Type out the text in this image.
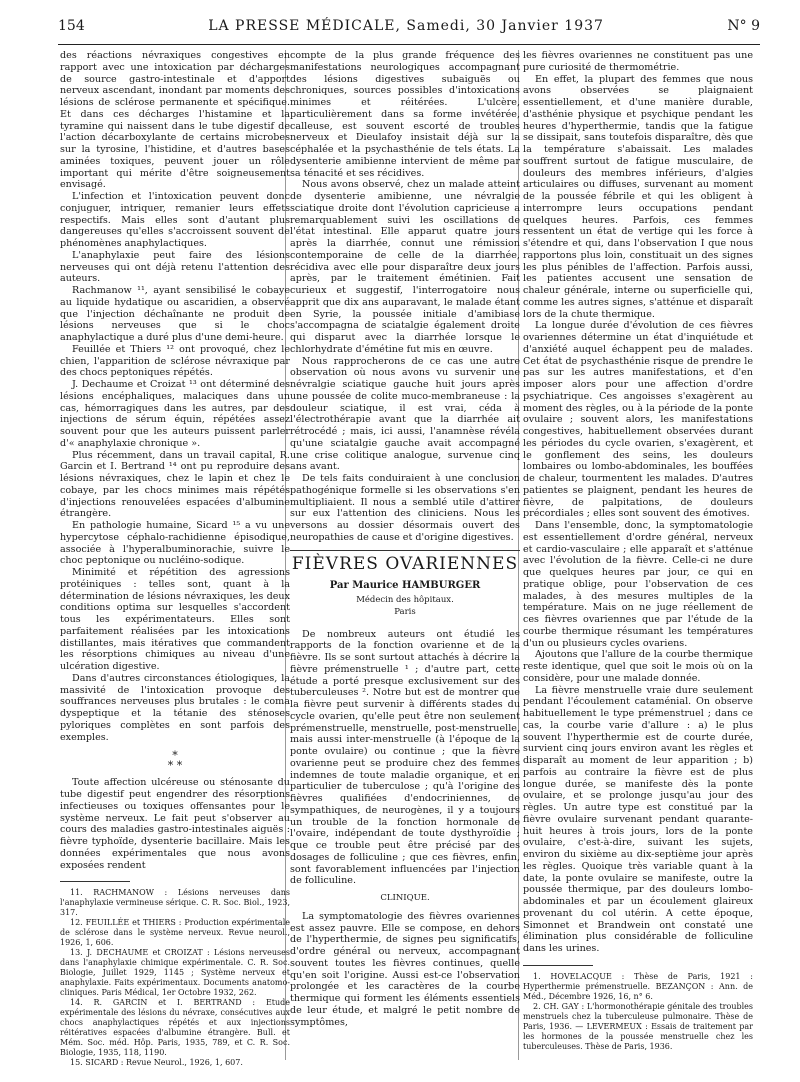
154	LA PRESSE MÉDICALE, Samedi, 30 Janvier 1937	N° 9

des réactions névraxiques congestives en rapport avec une intoxication par décharges de source gastro-intestinale et d'apport nerveux ascendant, inondant par moments des lésions de sclérose permanente et spécifique. Et dans ces décharges l'histamine et la tyramine qui naissent dans le tube digestif de l'action décarboxylante de certains microbes sur la tyrosine, l'histidine, et d'autres bases aminées toxiques, peuvent jouer un rôle important qui mérite d'être soigneusement envisagé.

L'infection et l'intoxication peuvent donc conjuguer, intriquer, remanier leurs effets respectifs. Mais elles sont d'autant plus dangereuses qu'elles s'accroissent souvent de phénomènes anaphylactiques.

L'anaphylaxie peut faire des lésions nerveuses qui ont déjà retenu l'attention des auteurs.

Rachmanow ¹¹, ayant sensibilisé le cobaye au liquide hydatique ou ascaridien, a observé que l'injection déchaînante ne produit de lésions nerveuses que si le choc anaphylactique a duré plus d'une demi-heure.

Feuillée et Thiers ¹² ont provoqué, chez le chien, l'apparition de sclérose névraxique par des chocs peptoniques répétés.

J. Dechaume et Croizat ¹³ ont déterminé des lésions encéphaliques, malaciques dans un cas, hémorragiques dans les autres, par des injections de sérum équin, répétées assez souvent pour que les auteurs puissent parler d'« anaphylaxie chronique ».

Plus récemment, dans un travail capital, R. Garcin et I. Bertrand ¹⁴ ont pu reproduire des lésions névraxiques, chez le lapin et chez le cobaye, par les chocs minimes mais répétés d'injections renouvelées espacées d'albumine étrangère.

En pathologie humaine, Sicard ¹⁵ a vu une hypercytose céphalo-rachidienne épisodique, associée à l'hyperalbuminorachie, suivre le choc peptonique ou nucléino-sodique.

Minimité et répétition des agressions protéiniques : telles sont, quant à la détermination de lésions névraxiques, les deux conditions optima sur lesquelles s'accordent tous les expérimentateurs. Elles sont parfaitement réalisées par les intoxications distillantes, mais itératives que commandent les résorptions chimiques au niveau d'une ulcération digestive.

Dans d'autres circonstances étiologiques, la massivité de l'intoxication provoque des souffrances nerveuses plus brutales : le coma dyspeptique et la tétanie des sténoses pyloriques complètes en sont parfois des exemples.

*
* *

Toute affection ulcéreuse ou sténosante du tube digestif peut engendrer des résorptions infectieuses ou toxiques offensantes pour le système nerveux. Le fait peut s'observer au cours des maladies gastro-intestinales aiguës : fièvre typhoïde, dysenterie bacillaire. Mais les données expérimentales que nous avons exposées rendent

11. RACHMANOW : Lésions nerveuses dans l'anaphylaxie vermineuse sérique. C. R. Soc. Biol., 1923, 317.

12. FEUILLÉE et THIERS : Production expérimentale de sclérose dans le système nerveux. Revue neurol., 1926, 1, 606.

13. J. DECHAUME et CROIZAT : Lésions nerveuses dans l'anaphylaxie chimique expérimentale. C. R. Soc. Biologie, Juillet 1929, 1145 ; Système nerveux et anaphylaxie. Faits expérimentaux. Documents anatomo-cliniques. Paris Médical, 1er Octobre 1932, 262.

14. R. GARCIN et I. BERTRAND : Etude expérimentale des lésions du névraxe, consécutives aux chocs anaphylactiques répétés et aux injections réitératives espacées d'albumine étrangère. Bull. et Mém. Soc. méd. Hôp. Paris, 1935, 789, et C. R. Soc. Biologie, 1935, 118, 1190.

15. SICARD : Revue Neurol., 1926, 1, 607.

compte de la plus grande fréquence des manifestations neurologiques accompagnant des lésions digestives subaiguës ou chroniques, sources possibles d'intoxications minimes et réitérées. L'ulcère, particulièrement dans sa forme invétérée, calleuse, est souvent escorté de troubles nerveux et Dieulafoy insistait déjà sur la céphalée et la psychasthénie de tels états. La dysenterie amibienne intervient de même par sa ténacité et ses récidives.

Nous avons observé, chez un malade atteint de dysenterie amibienne, une névralgie sciatique droite dont l'évolution capricieuse a remarquablement suivi les oscillations de l'état intestinal. Elle apparut quatre jours après la diarrhée, connut une rémission contemporaine de celle de la diarrhée, récidiva avec elle pour disparaître deux jours après, par le traitement émétinien. Fait curieux et suggestif, l'interrogatoire nous apprit que dix ans auparavant, le malade étant en Syrie, la poussée initiale d'amibiase s'accompagna de sciatalgie également droite qui disparut avec la diarrhée lorsque le chlorhydrate d'émétine fut mis en œuvre.

Nous rapprocherons de ce cas une autre observation où nous avons vu survenir une névralgie sciatique gauche huit jours après une poussée de colite muco-membraneuse : la douleur sciatique, il est vrai, céda à l'électrothérapie avant que la diarrhée ait rétrocédé ; mais, ici aussi, l'anamnèse révéla qu'une sciatalgie gauche avait accompagné une crise colitique analogue, survenue cinq ans avant.

De tels faits conduiraient à une conclusion pathogénique formelle si les observations s'en multipliaient. Il nous a semblé utile d'attirer sur eux l'attention des cliniciens. Nous les versons au dossier désormais ouvert des neuropathies de cause et d'origine digestives.

FIÈVRES OVARIENNES
Par Maurice HAMBURGER
Médecin des hôpitaux.
Paris

De nombreux auteurs ont étudié les rapports de la fonction ovarienne et de la fièvre. Ils se sont surtout attachés à décrire la fièvre prémenstruelle ¹ ; d'autre part, cette étude a porté presque exclusivement sur des tuberculeuses ². Notre but est de montrer que la fièvre peut survenir à différents stades du cycle ovarien, qu'elle peut être non seulement prémenstruelle, menstruelle, post-menstruelle, mais aussi inter-menstruelle (à l'époque de la ponte ovulaire) ou continue ; que la fièvre ovarienne peut se produire chez des femmes indemnes de toute maladie organique, et en particulier de tuberculose ; qu'à l'origine des fièvres qualifiées d'endocriniennes, de sympathiques, de neurogènes, il y a toujours un trouble de la fonction hormonale de l'ovaire, indépendant de toute dysthyroïdie ; que ce trouble peut être précisé par des dosages de folliculine ; que ces fièvres, enfin, sont favorablement influencées par l'injection de folliculine.

CLINIQUE.

La symptomatologie des fièvres ovariennes est assez pauvre. Elle se compose, en dehors de l'hyperthermie, de signes peu significatifs, d'ordre général ou nerveux, accompagnant souvent toutes les fièvres continues, quelle qu'en soit l'origine. Aussi est-ce l'observation prolongée et les caractères de la courbe thermique qui forment les éléments essentiels de leur étude, et malgré le petit nombre de symptômes,

les fièvres ovariennes ne constituent pas une pure curiosité de thermométrie.

En effet, la plupart des femmes que nous avons observées se plaignaient essentiellement, et d'une manière durable, d'asthénie physique et psychique pendant les heures d'hyperthermie, tandis que la fatigue se dissipait, sans toutefois disparaître, dès que la température s'abaissait. Les malades souffrent surtout de fatigue musculaire, de douleurs des membres inférieurs, d'algies articulaires ou diffuses, survenant au moment de la poussée fébrile et qui les obligent à interrompre leurs occupations pendant quelques heures. Parfois, ces femmes ressentent un état de vertige qui les force à s'étendre et qui, dans l'observation I que nous rapportons plus loin, constituait un des signes les plus pénibles de l'affection. Parfois aussi, les patientes accusent une sensation de chaleur générale, interne ou superficielle qui, comme les autres signes, s'atténue et disparaît lors de la chute thermique.

La longue durée d'évolution de ces fièvres ovariennes détermine un état d'inquiétude et d'anxiété auquel échappent peu de malades. Cet état de psychasthénie risque de prendre le pas sur les autres manifestations, et d'en imposer alors pour une affection d'ordre psychiatrique. Ces angoisses s'exagèrent au moment des règles, ou à la période de la ponte ovulaire ; souvent alors, les manifestations congestives, habituellement observées durant les périodes du cycle ovarien, s'exagèrent, et le gonflement des seins, les douleurs lombaires ou lombo-abdominales, les bouffées de chaleur, tourmentent les malades. D'autres patientes se plaignent, pendant les heures de fièvre, de palpitations, de douleurs précordiales ; elles sont souvent des émotives.

Dans l'ensemble, donc, la symptomatologie est essentiellement d'ordre général, nerveux et cardio-vasculaire ; elle apparaît et s'atténue avec l'évolution de la fièvre. Celle-ci ne dure que quelques heures par jour, ce qui en pratique oblige, pour l'observation de ces malades, à des mesures multiples de la température. Mais on ne juge réellement de ces fièvres ovariennes que par l'étude de la courbe thermique résumant les températures d'un ou plusieurs cycles ovariens.

Ajoutons que l'allure de la courbe thermique reste identique, quel que soit le mois où on la considère, pour une malade donnée.

La fièvre menstruelle vraie dure seulement pendant l'écoulement cataménial. On observe habituellement le type prémenstruel ; dans ce cas, la courbe varie d'allure : a) le plus souvent l'hyperthermie est de courte durée, survient cinq jours environ avant les règles et disparaît au moment de leur apparition ; b) parfois au contraire la fièvre est de plus longue durée, se manifeste dès la ponte ovulaire, et se prolonge jusqu'au jour des règles. Un autre type est constitué par la fièvre ovulaire survenant pendant quarante-huit heures à trois jours, lors de la ponte ovulaire, c'est-à-dire, suivant les sujets, environ du sixième au dix-septième jour après les règles. Quoique très variable quant à la date, la ponte ovulaire se manifeste, outre la poussée thermique, par des douleurs lombo-abdominales et par un écoulement glaireux provenant du col utérin. A cette époque, Simonnet et Brandwein ont constaté une élimination plus considérable de folliculine dans les urines.

1. HOVELACQUE : Thèse de Paris, 1921 : Hyperthermie prémenstruelle. BEZANÇON : Ann. de Méd., Décembre 1926, 16, n° 6.

2. CH. GAY : L'hormonothérapie génitale des troubles menstruels chez la tuberculeuse pulmonaire. Thèse de Paris, 1936. — LEVERMEUX : Essais de traitement par les hormones de la poussée menstruelle chez les tuberculeuses. Thèse de Paris, 1936.
